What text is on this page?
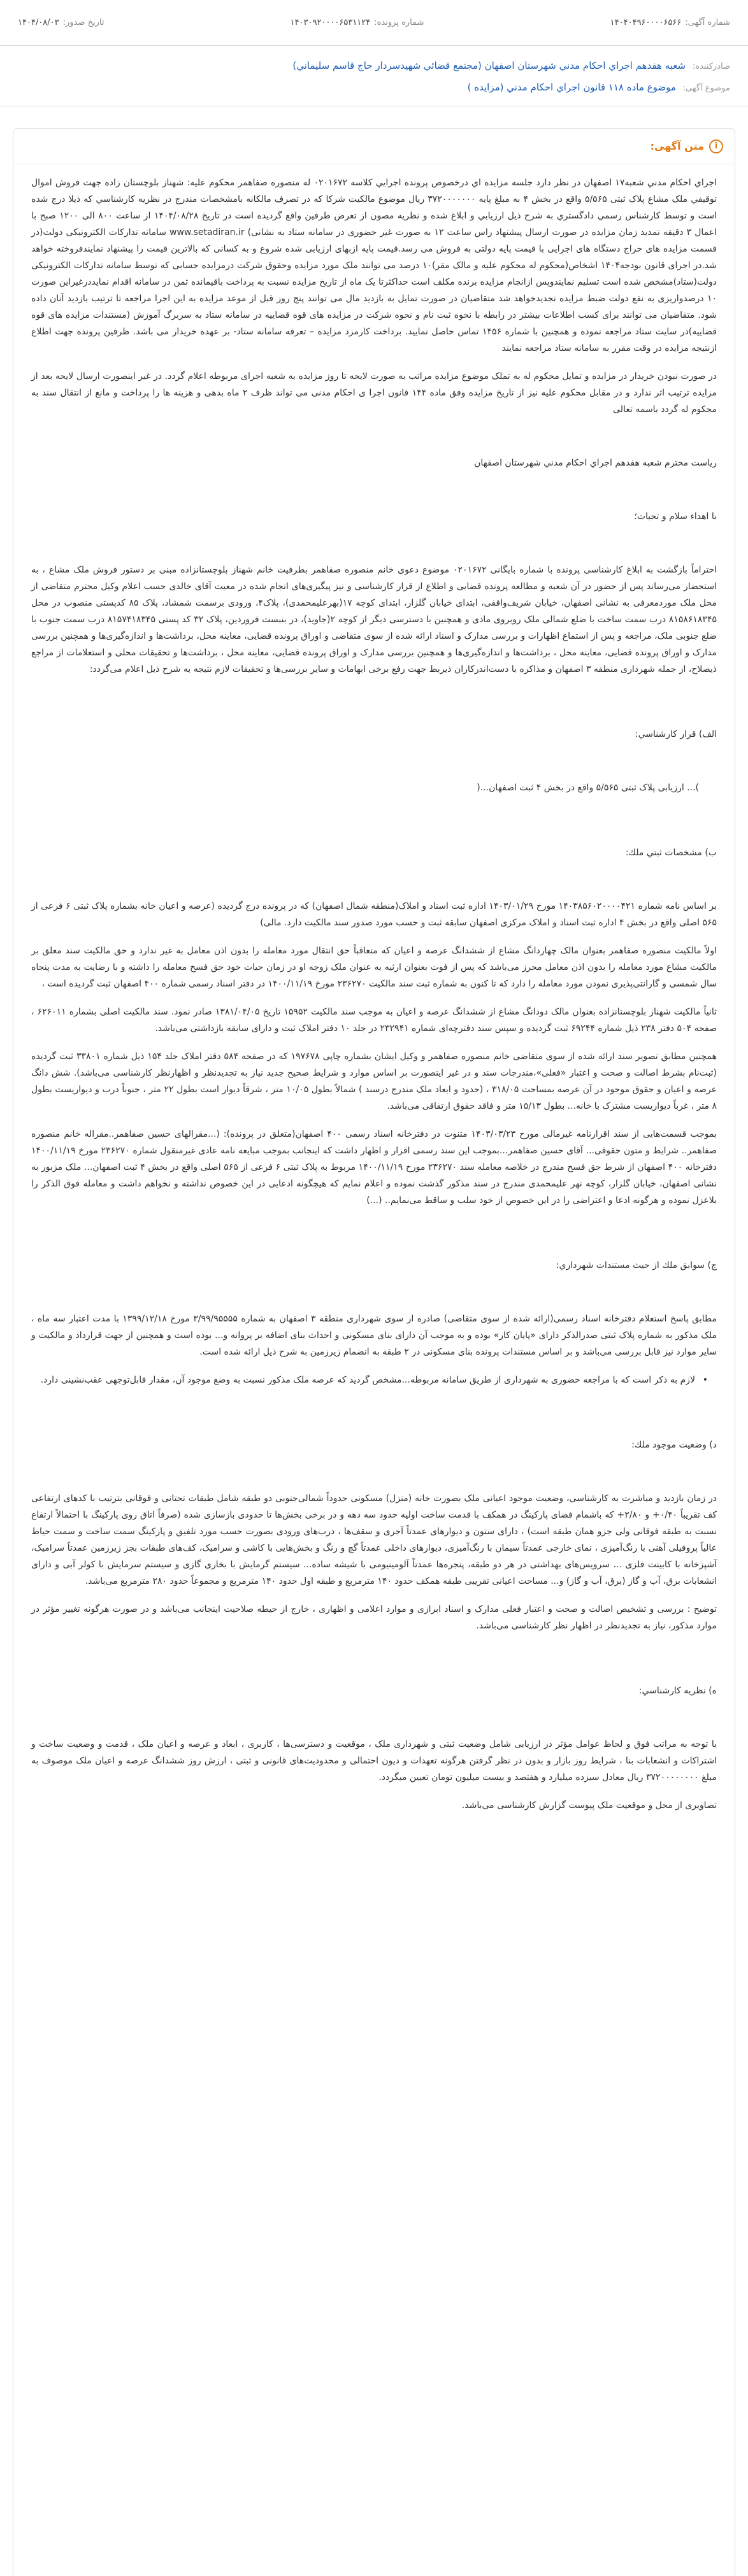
شماره آگهی:
۱۴۰۴۰۴۹۶۰۰۰۰۶۵۶۶
شماره پرونده:
۱۴۰۳۰۹۲۰۰۰۰۶۵۳۱۱۲۴
تاریخ صدور:
۱۴۰۴/۰۸/۰۳
صادرکننده: شعبه هفدهم اجراي احكام مدني شهرستان اصفهان (مجتمع قضائي شهيدسردار حاج قاسم سليماني)
موضوع آگهی: موضوع ماده ۱۱۸ قانون اجراي احكام مدني (مزايده )
i
متن آگهی:
اجراي احكام مدني شعبه۱۷ اصفهان در نظر دارد جلسه مزايده اي درخصوص پرونده اجرايي كلاسه ۰۲۰۱۶۷۲ له منصوره صفاهمر محکوم علیه: شهناز بلوچستان زاده جهت فروش اموال توقيفي ملک مشاع پلاک ثبتی ۵/۵۶۵ واقع در بخش ۴ به مبلغ پایه ۳۷۲۰۰۰۰۰۰۰ ریال موضوع مالکیت شرکا که در تصرف مالکانه بامشخصات مندرج در نظريه كارشناسي كه ذيلا درج شده است و توسط كارشناس رسمي دادگستري به شرح ذيل ارزيابي و ابلاغ شده و نظريه مصون از تعرض طرفين واقع گرديده است در تاريخ ۱۴۰۴/۰۸/۲۸ از ساعت ۸۰۰ الی ۱۲۰۰ صبح با اعمال ۳ دقیقه تمدید زمان مزایده در صورت ارسال پیشنهاد راس ساعت ۱۲ به صورت غیر حضوری در سامانه ستاد به نشانی) www.setadiran.ir سامانه تدارکات الکترونیکی دولت(در قسمت مزایده های حراج دستگاه های اجرایی با قیمت پایه دولتی به فروش می رسد.قیمت پایه ازبهای ارزیابی شده شروع و به کسانی که بالاترین قیمت را پیشنهاد نمایندفروخته خواهد شد.در اجرای قانون بودجه۱۴۰۴ اشخاص(محکوم له محکوم علیه و مالک مقر)۱۰ درصد می توانند ملک مورد مزایده وحقوق شرکت درمزایده حسابی که توسط سامانه تدارکات الکترونیکی دولت(ستاد)مشخص شده است تسلیم نمایندوپس ازانجام مزایده برنده مکلف است حداکثرتا یک ماه از تاریخ مزایده نسبت به پرداخت باقیمانده ثمن در سامانه اقدام نمایددرغیراین صورت ۱۰ درصدواریزی به نفع دولت ضبط مزایده تجدیدخواهد شد متقاضیان در صورت تمایل به بازدید مال می توانند پنج روز قبل از موعد مزایده به این اجرا مراجعه تا ترتیب بازدید آنان داده شود. متقاضیان می توانند برای کسب اطلاعات بیشتر در رابطه با نحوه ثبت نام و نحوه شرکت در مزایده های قوه قضاییه در سامانه ستاد به سربرگ آموزش (مستندات مزایده های قوه قضاییه)در سایت ستاد مراجعه نموده و همچنین با شماره ۱۴۵۶ تماس حاصل نمایید. برداخت کارمزد مزایده – تعرفه سامانه ستاد- بر عهده خریدار می باشد. ظرفین پرونده جهت اطلاع ازنتیجه مزایده در وقت مقرر به سامانه ستاد مراجعه نمایند
در صورت نبودن خریدار در مزایده و تمایل محکوم له به تملک موضوع مزایده مراتب به صورت لایحه تا روز مزایده به شعبه اجرای مربوطه اعلام گردد. در غیر اینصورت ارسال لایحه بعد از مزایده ترتیب اثر ندارد و در مقابل محکوم علیه نیز از تاریخ مزایده وفق ماده ۱۴۴ قانون اجرا ی احکام مدنی می تواند ظرف ۲ ماه بدهی و هزینه ها را پرداخت و مانع از انتقال سند به محکوم له گردد باسمه تعالی
رياست محترم شعبه هفدهم اجراي احكام مدني شهرستان اصفهان
با اهداء سلام و تحيات؛
احتراماً بازگشت به ابلاغ کارشناسی پرونده با شماره بایگانی ۰۲۰۱۶۷۲ موضوع دعوی خانم منصوره صفاهمر بطرفیت خانم شهناز بلوچستانزاده مبنی بر دستور فروش ملک مشاع ، به استحضار می‌رساند پس از حضور در آن شعبه و مطالعه پرونده قضایی و اطلاع از قرار کارشناسی و نیز پیگیری‌های انجام شده در معیت آقای خالدی حسب اعلام وکیل محترم متقاضی از محل ملک موردمعرفی به نشانی اصفهان، خیابان شریف‌واقفی، ابتدای خیابان گلزار، ابتدای کوچه ۱۷(بهرعلیمحمدی)، پلاک۴، ورودی برسمت شمشاد، پلاک ۸۵ کدپستی منصوب در محل ۸۱۵۸۶۱۸۳۴۵ درب سمت ساخت با ضلع شمالی ملک روبروی مادی و همچنین با دسترسی دیگر از کوچه ۲(جاوید)، در بنبست فروردین، پلاک ۳۲ کد پستی ۸۱۵۷۴۱۸۳۴۵ درب سمت جنوب با ضلع جنوبی ملک، مراجعه و پس از استماع اظهارات و بررسی مدارک و اسناد ارائه شده از سوی متقاضی و اوراق پرونده قضایی، معاینه محل، برداشت‌ها و اندازه‌گیری‌ها و همچنین بررسی مدارک و اوراق پرونده قضایی، معاینه محل ، برداشت‌ها و اندازه‌گیری‌ها و همچنین بررسی مدارک و اوراق پرونده قضایی، معاینه محل ، برداشت‌ها و تحقیقات محلی و استعلامات از مراجع ذیصلاح، از جمله شهرداری منطقه ۳ اصفهان و مذاکره با دست‌اندرکاران ذیربط جهت رفع برخی ابهامات و سایر بررسی‌ها و تحقیقات لازم نتیجه به شرح ذیل اعلام می‌گردد:
الف) قرار كارشناسي:
)... ارزیابی پلاک ثبتی ۵/۵۶۵ واقع در بخش ۴ ثبت اصفهان...(
ب) مشخصات ثبتي ملك:
بر اساس نامه شماره ۱۴۰۳۸۵۶۰۲۰۰۰۰۴۲۱ مورخ ۱۴۰۳/۰۱/۲۹ اداره ثبت اسناد و املاک(منطقه شمال اصفهان) که در پرونده درج گردیده (عرصه و اعیان خانه بشماره پلاک ثبتی ۶ فرعی از ۵۶۵ اصلی واقع در بخش ۴ اداره ثبت اسناد و املاک مرکزی اصفهان سابقه ثبت و حسب مورد صدور سند مالکیت دارد. مالی)
اولاً مالکیت منصوره صفاهمر بعنوان مالک چهاردانگ مشاع از ششدانگ عرصه و اعیان که متعاقباً حق انتقال مورد معامله را بدون اذن معامل به غیر ندارد و حق مالکیت سند معلق بر مالکیت مشاع مورد معامله را بدون اذن معامل محرز می‌باشد که پس از فوت بعنوان ارثیه به عنوان ملک زوجه او در زمان حیات خود حق فسخ معامله را داشته و با رضایت به مدت پنجاه سال شمسی و گارانتی‌پذیری نمودن مورد معامله را دارد که تا کنون به شماره ثبت سند مالکیت ۲۳۶۲۷۰ مورخ ۱۴۰۰/۱۱/۱۹ در دفتر اسناد رسمی شماره ۴۰۰ اصفهان ثبت گردیده است ،
ثانیاً مالکیت شهناز بلوچستانزاده بعنوان مالک دودانگ مشاع از ششدانگ عرصه و اعیان به موجب سند مالکیت ۱۵۹۵۲ تاریخ ۱۳۸۱/۰۴/۰۵ صادر نمود. سند مالکیت اصلی بشماره ۶۲۶۰۱۱ ، صفحه ۵۰۴ دفتر ۲۳۸ ذیل شماره ۶۹۲۴۴ ثبت گردیده و سپس سند دفترچه‌ای شماره ۲۳۲۹۴۱ در جلد ۱۰ دفتر املاک ثبت و دارای سابقه بازداشتی می‌باشد.
همچنین مطابق تصویر سند ارائه شده از سوی متقاضی خانم منصوره صفاهمر و وکیل ایشان بشماره چاپی ۱۹۷۶۷۸ که در صفحه ۵۸۴ دفتر املاک جلد ۱۵۴ ذیل شماره ۳۳۸۰۱ ثبت گردیده (ثبت‌نام بشرط اصالت و صحت و اعتبار «فعلی»،مندرجات سند و در غیر اینصورت بر اساس موارد و شرایط صحیح جدید نیاز به تجدیدنظر و اظهارنظر کارشناسی می‌باشد). شش دانگ عرصه و اعیان و حقوق موجود در آن عرصه بمساحت ۳۱۸/۰۵ ، (حدود و ابعاد ملک مندرج درسند ) شمالاً بطول ۱۰/۰۵ متر ، شرقاً دیوار است بطول ۲۲ متر ، جنوباً درب و دیواریست بطول ۸ متر ، غرباً دیواریست مشترک با خانه... بطول ۱۵/۱۳ متر و فاقد حقوق ارتفاقی می‌باشد.
بموجب قسمت‌هایی از سند اقرارنامه غیرمالی مورخ ۱۴۰۳/۰۳/۲۳ متنوت در دفترخانه اسناد رسمی ۴۰۰ اصفهان(متعلق در پرونده): (...مقرالهای حسین صفاهمر..مقراله خانم منصوره صفاهمر.. شرایط و متون حقوقی... آقای حسین صفاهمر...بموجب این سند رسمی اقرار و اظهار داشت که اینجانب بموجب مبایعه نامه عادی غیرمنقول شماره ۲۳۶۲۷۰ مورخ ۱۴۰۰/۱۱/۱۹ دفترخانه ۴۰۰ اصفهان از شرط حق فسخ مندرج در خلاصه معامله سند ۲۳۶۲۷۰ مورخ ۱۴۰۰/۱۱/۱۹ مربوط به پلاک ثبتی ۶ فرعی از ۵۶۵ اصلی واقع در بخش ۴ ثبت اصفهان... ملک مزبور به نشانی اصفهان، خیابان گلزار، کوچه نهر علیمحمدی مندرج در سند مذکور گذشت نموده و اعلام نمایم که هیچگونه ادعایی در این خصوص نداشته و نخواهم داشت و معامله فوق الذکر را بلاعزل نموده و هرگونه ادعا و اعتراضی را در این خصوص از خود سلب و ساقط می‌نمایم.. (...)
ج) سوابق ملك از حيث مستندات شهرداري:
مطابق پاسخ استعلام دفترخانه اسناد رسمی(ارائه شده از سوی متقاضی) صادره از سوی شهرداری منطقه ۳ اصفهان به شماره ۳/۹۹/۹۵۵۵۵ مورخ ۱۳۹۹/۱۲/۱۸ با مدت اعتبار سه ماه ، ملک مذکور به شماره پلاک ثبتی صدرالذکر دارای «پایان کار» بوده و به موجب آن دارای بنای مسکونی و احداث بنای اضافه بر پروانه و... بوده است و همچنین از جهت قرارداد و مالکیت و سایر موارد نیز قابل بررسی می‌باشد و بر اساس مستندات پرونده بنای مسکونی در ۲ طبقه به انضمام زیرزمین به شرح ذیل ارائه شده است.
• لازم به ذکر است که با مراجعه حضوری به شهرداری از طریق سامانه مربوطه...مشخص گردید که عرصه ملک مذکور نسبت به وضع موجود آن، مقدار قابل‌توجهی عقب‌نشینی دارد.
د) وضعيت موجود ملك:
در زمان بازدید و مباشرت به کارشناسی، وضعیت موجود اعیانی ملک بصورت خانه (منزل) مسکونی حدوداً شمالی‌جنوبی دو طبقه شامل طبقات تحتانی و فوقانی بترتیب با کدهای ارتفاعی کف تقریباً ۰/۴۰+ و ۲/۸۰+ که باشمام فضای پارکینگ در همکف با قدمت ساخت اولیه حدود سه دهه و در برخی بخش‌ها تا حدودی بازسازی شده (صرفاً اتاق روی پارکینگ با احتمالاً ارتفاع نسبت به طبقه فوقانی ولی جزو همان طبقه است) ، دارای ستون و دیوارهای عمدتاً آجری و سقف‌ها ، درب‌های ورودی بصورت حسب مورد تلفیق و پارکینگ سمت ساخت و سمت حیاط عالیاً پروفیلی آهنی با رنگ‌آمیزی ، نمای خارجی عمدتاً سیمان با رنگ‌آمیزی، دیوارهای داخلی عمدتاً گچ و رنگ و بخش‌هایی با کاشی و سرامیک، کف‌های طبقات بجز زیرزمین عمدتاً سرامیک، آشپزخانه با کابینت فلزی ... سرویس‌های بهداشتی در هر دو طبقه، پنجره‌ها عمدتاً آلومینیومی با شیشه ساده... سیستم گرمایش با بخاری گازی و سیستم سرمایش با کولر آبی و دارای انشعابات برق، آب و گاز (برق، آب و گاز) و... مساحت اعیانی تقریبی طبقه همکف حدود ۱۴۰ مترمربع و طبقه اول حدود ۱۴۰ مترمربع و مجموعاً حدود ۲۸۰ مترمربع می‌باشد.
توضیح : بررسی و تشخیص اصالت و صحت و اعتبار فعلی مدارک و اسناد ابرازی و موارد اعلامی و اظهاری ، خارج از حیطه صلاحیت اینجانب می‌باشد و در صورت هرگونه تغییر مؤثر در موارد مذکور، نیاز به تجدیدنظر در اظهار نظر کارشناسی می‌باشد.
ه) نظريه كارشناسي:
با توجه به مراتب فوق و لحاظ عوامل مؤثر در ارزیابی شامل وضعیت ثبتی و شهرداری ملک ، موقعیت و دسترسی‌ها ، کاربری ، ابعاد و عرصه و اعیان ملک ، قدمت و وضعیت ساخت و اشتراکات و انشعابات بنا ، شرایط روز بازار و بدون در نظر گرفتن هرگونه تعهدات و دیون احتمالی و محدودیت‌های قانونی و ثبتی ، ارزش روز ششدانگ عرصه و اعیان ملک موصوف به مبلغ ۳۷۲۰۰۰۰۰۰۰۰ ریال معادل سیزده میلیارد و هفتصد و بیست میلیون تومان تعیین میگردد.
تصاویری از محل و موقعیت ملک پیوست گزارش کارشناسی می‌باشد.
